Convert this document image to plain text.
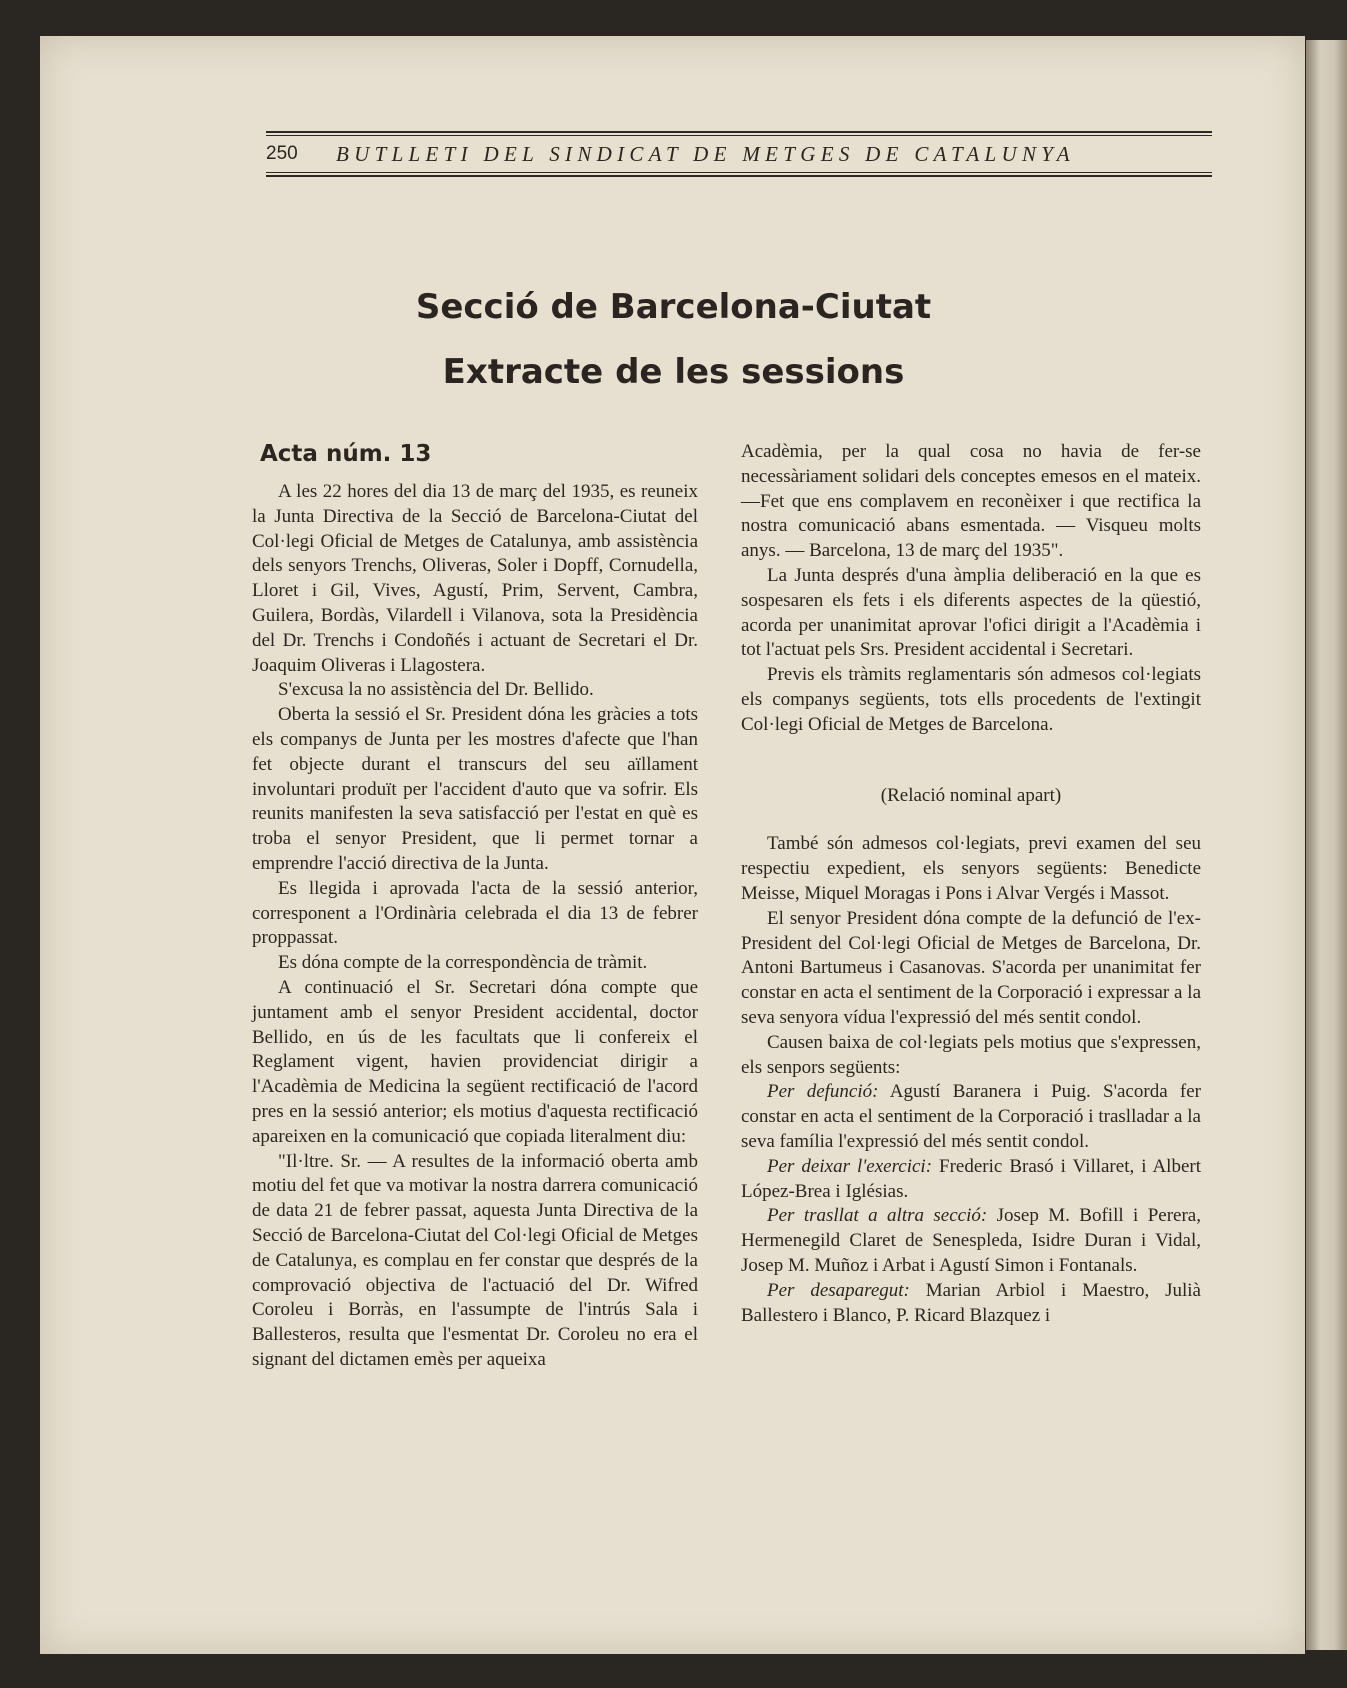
250	BUTLLETI DEL SINDICAT DE METGES DE CATALUNYA
Secció de Barcelona-Ciutat
Extracte de les sessions
Acta núm. 13

A les 22 hores del dia 13 de març del 1935, es reuneix la Junta Directiva de la Secció de Barcelona-Ciutat del Col·legi Oficial de Metges de Catalunya, amb assistència dels senyors Trenchs, Oliveras, Soler i Dopff, Cornudella, Lloret i Gil, Vives, Agustí, Prim, Servent, Cambra, Guilera, Bordàs, Vilardell i Vilanova, sota la Presidència del Dr. Trenchs i Condoñés i actuant de Secretari el Dr. Joaquim Oliveras i Llagostera.

S'excusa la no assistència del Dr. Bellido.

Oberta la sessió el Sr. President dóna les gràcies a tots els companys de Junta per les mostres d'afecte que l'han fet objecte durant el transcurs del seu aïllament involuntari produït per l'accident d'auto que va sofrir. Els reunits manifesten la seva satisfacció per l'estat en què es troba el senyor President, que li permet tornar a emprendre l'acció directiva de la Junta.

Es llegida i aprovada l'acta de la sessió anterior, corresponent a l'Ordinària celebrada el dia 13 de febrer proppassat.

Es dóna compte de la correspondència de tràmit.

A continuació el Sr. Secretari dóna compte que juntament amb el senyor President accidental, doctor Bellido, en ús de les facultats que li confereix el Reglament vigent, havien providenciat dirigir a l'Acadèmia de Medicina la següent rectificació de l'acord pres en la sessió anterior; els motius d'aquesta rectificació apareixen en la comunicació que copiada literalment diu:

"Il·ltre. Sr. — A resultes de la informació oberta amb motiu del fet que va motivar la nostra darrera comunicació de data 21 de febrer passat, aquesta Junta Directiva de la Secció de Barcelona-Ciutat del Col·legi Oficial de Metges de Catalunya, es complau en fer constar que després de la comprovació objectiva de l'actuació del Dr. Wifred Coroleu i Borràs, en l'assumpte de l'intrús Sala i Ballesteros, resulta que l'esmentat Dr. Coroleu no era el signant del dictamen emès per aqueixa

Acadèmia, per la qual cosa no havia de fer-se necessàriament solidari dels conceptes emesos en el mateix.—Fet que ens complavem en reconèixer i que rectifica la nostra comunicació abans esmentada. — Visqueu molts anys. — Barcelona, 13 de març del 1935".

La Junta després d'una àmplia deliberació en la que es sospesaren els fets i els diferents aspectes de la qüestió, acorda per unanimitat aprovar l'ofici dirigit a l'Acadèmia i tot l'actuat pels Srs. President accidental i Secretari.

Previs els tràmits reglamentaris són admesos col·legiats els companys següents, tots ells procedents de l'extingit Col·legi Oficial de Metges de Barcelona.

(Relació nominal apart)

També són admesos col·legiats, previ examen del seu respectiu expedient, els senyors següents: Benedicte Meisse, Miquel Moragas i Pons i Alvar Vergés i Massot.

El senyor President dóna compte de la defunció de l'ex-President del Col·legi Oficial de Metges de Barcelona, Dr. Antoni Bartumeus i Casanovas. S'acorda per unanimitat fer constar en acta el sentiment de la Corporació i expressar a la seva senyora vídua l'expressió del més sentit condol.

Causen baixa de col·legiats pels motius que s'expressen, els senpors següents:

Per defunció: Agustí Baranera i Puig. S'acorda fer constar en acta el sentiment de la Corporació i traslladar a la seva família l'expressió del més sentit condol.

Per deixar l'exercici: Frederic Brasó i Villaret, i Albert López-Brea i Iglésias.

Per trasllat a altra secció: Josep M. Bofill i Perera, Hermenegild Claret de Senespleda, Isidre Duran i Vidal, Josep M. Muñoz i Arbat i Agustí Simon i Fontanals.

Per desaparegut: Marian Arbiol i Maestro, Julià Ballestero i Blanco, P. Ricard Blazquez i
